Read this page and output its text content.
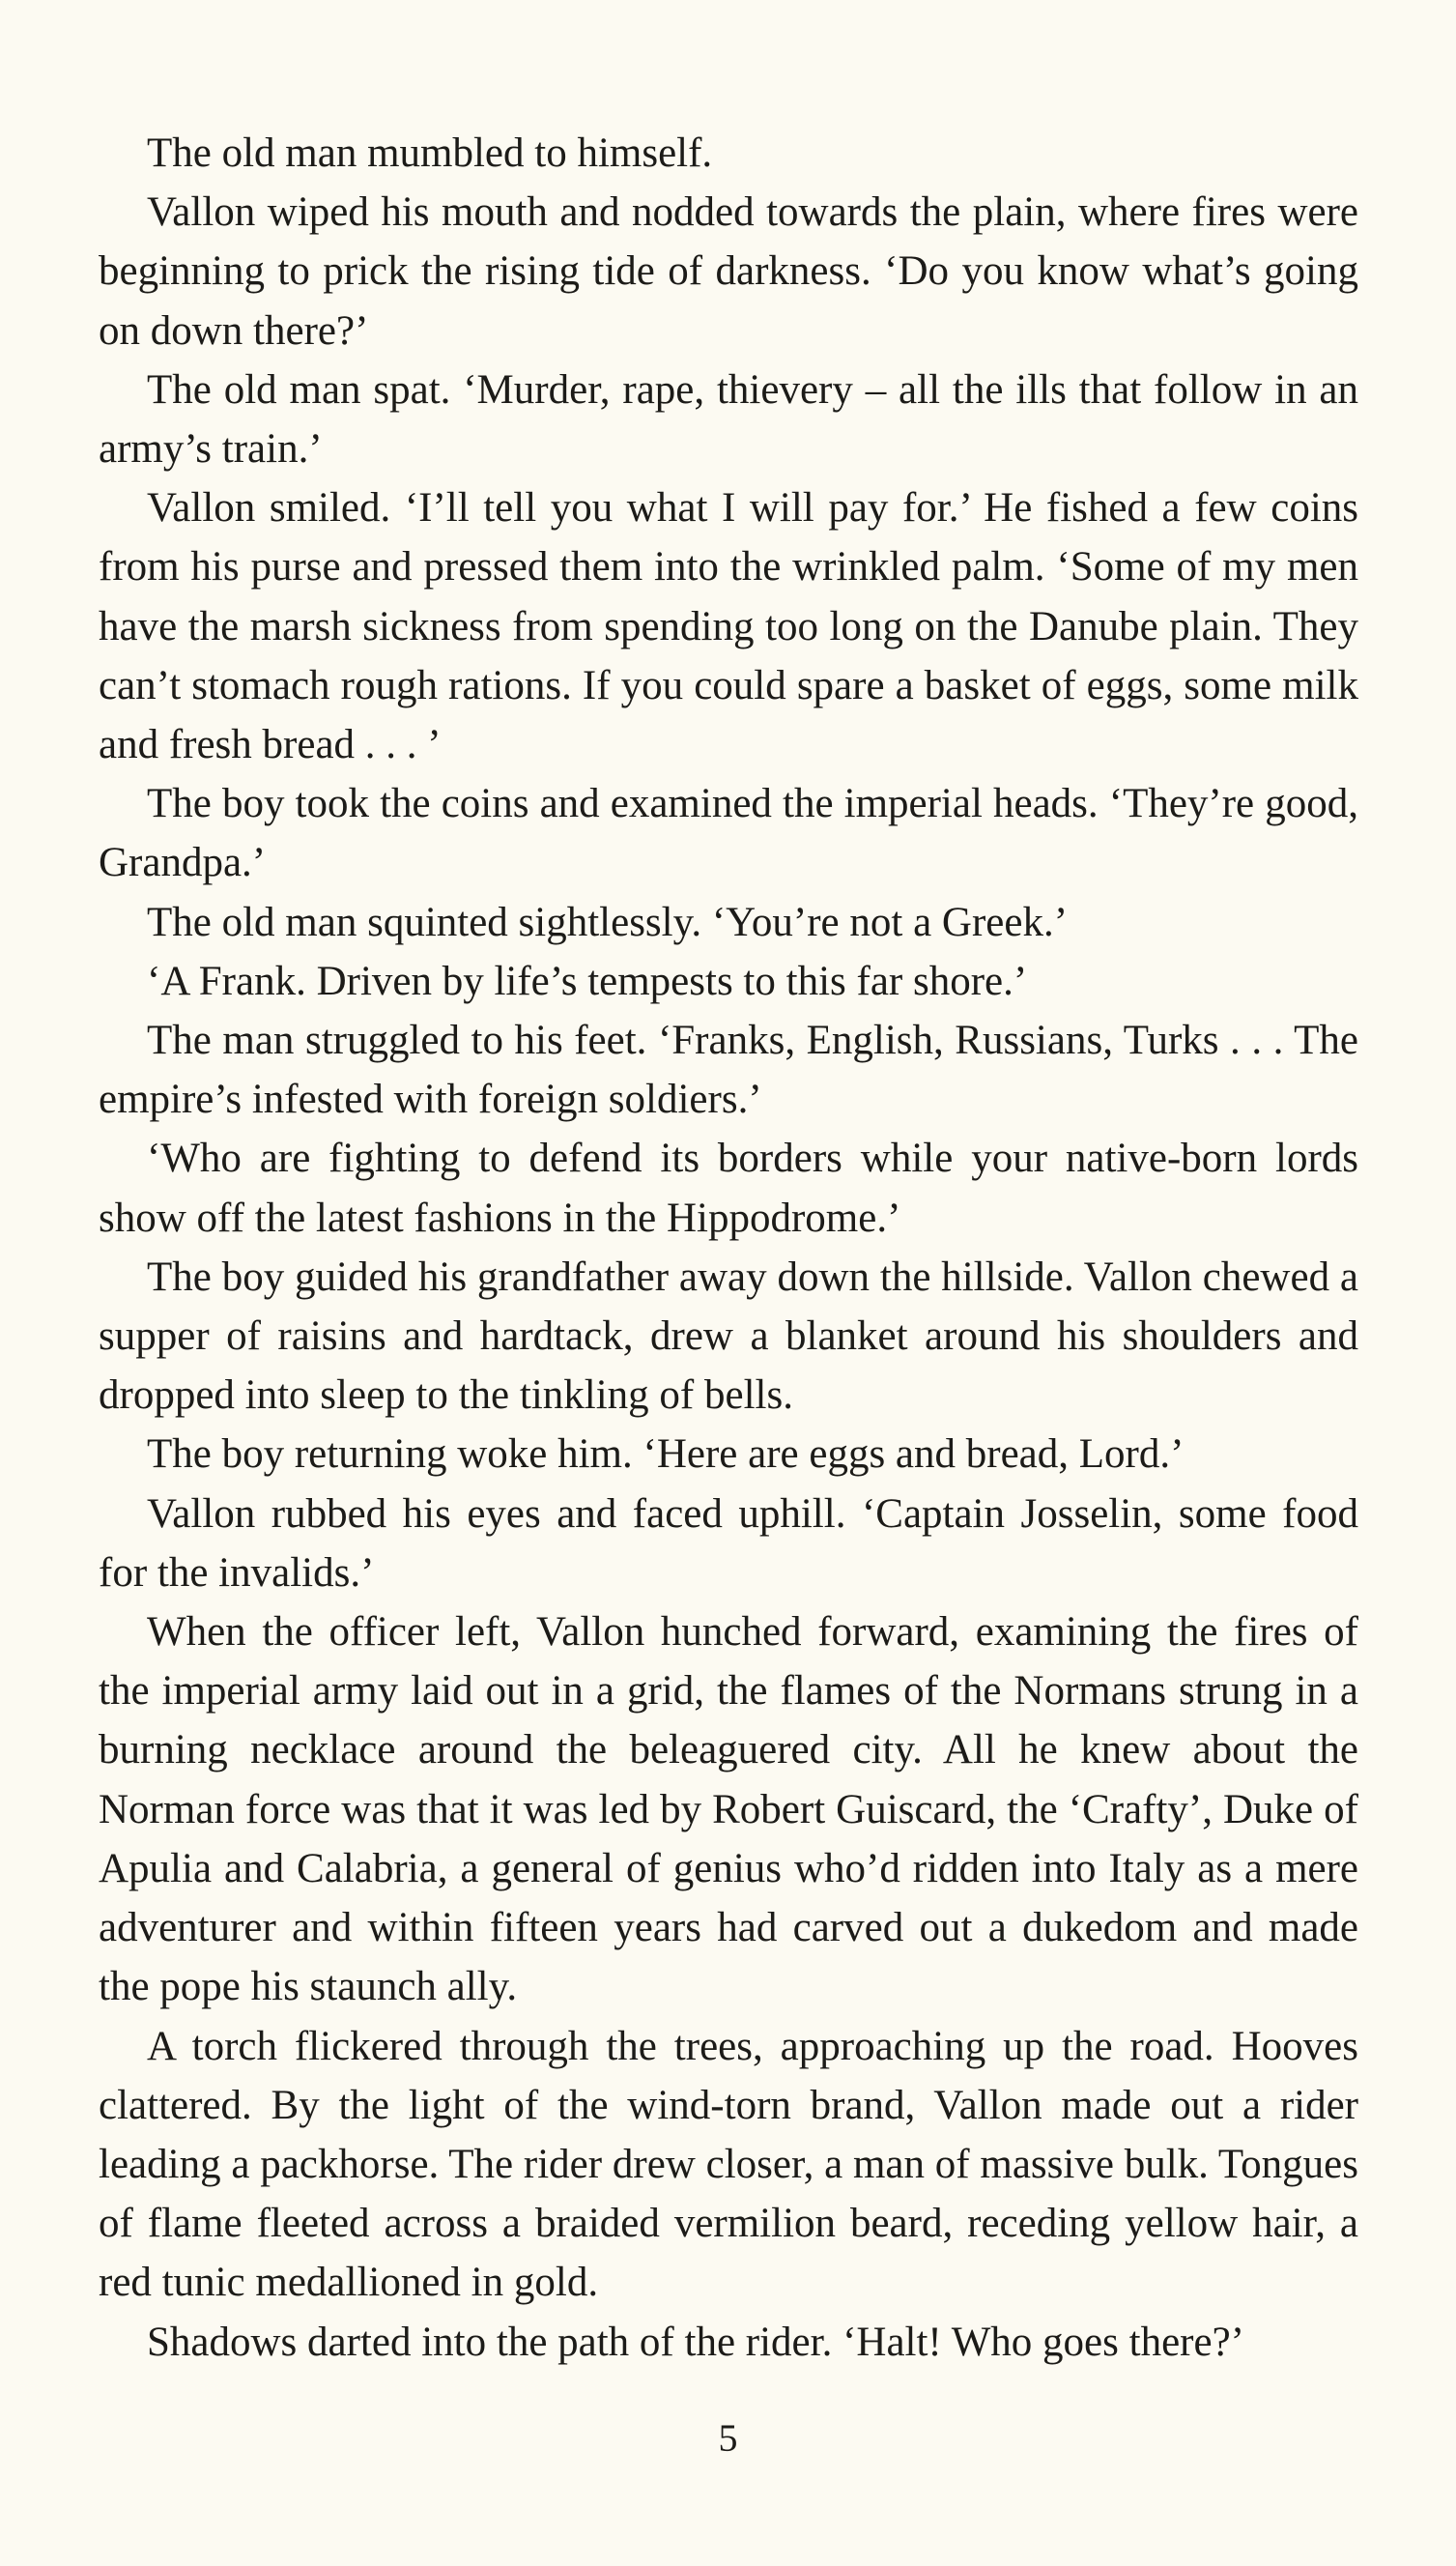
The old man mumbled to himself.

Vallon wiped his mouth and nodded towards the plain, where fires were beginning to prick the rising tide of darkness. ‘Do you know what’s going on down there?’

The old man spat. ‘Murder, rape, thievery – all the ills that follow in an army’s train.’

Vallon smiled. ‘I’ll tell you what I will pay for.’ He fished a few coins from his purse and pressed them into the wrinkled palm. ‘Some of my men have the marsh sickness from spending too long on the Danube plain. They can’t stomach rough rations. If you could spare a basket of eggs, some milk and fresh bread . . . ’

The boy took the coins and examined the imperial heads. ‘They’re good, Grandpa.’

The old man squinted sightlessly. ‘You’re not a Greek.’

‘A Frank. Driven by life’s tempests to this far shore.’

The man struggled to his feet. ‘Franks, English, Russians, Turks . . . The empire’s infested with foreign soldiers.’

‘Who are fighting to defend its borders while your native-born lords show off the latest fashions in the Hippodrome.’

The boy guided his grandfather away down the hillside. Vallon chewed a supper of raisins and hardtack, drew a blanket around his shoulders and dropped into sleep to the tinkling of bells.

The boy returning woke him. ‘Here are eggs and bread, Lord.’

Vallon rubbed his eyes and faced uphill. ‘Captain Josselin, some food for the invalids.’

When the officer left, Vallon hunched forward, examining the fires of the imperial army laid out in a grid, the flames of the Normans strung in a burning necklace around the beleaguered city. All he knew about the Norman force was that it was led by Robert Guiscard, the ‘Crafty’, Duke of Apulia and Calabria, a general of genius who’d ridden into Italy as a mere adventurer and within fifteen years had carved out a dukedom and made the pope his staunch ally.

A torch flickered through the trees, approaching up the road. Hooves clattered. By the light of the wind-torn brand, Vallon made out a rider leading a packhorse. The rider drew closer, a man of massive bulk. Tongues of flame fleeted across a braided vermilion beard, receding yellow hair, a red tunic medallioned in gold.

Shadows darted into the path of the rider. ‘Halt! Who goes there?’

5
